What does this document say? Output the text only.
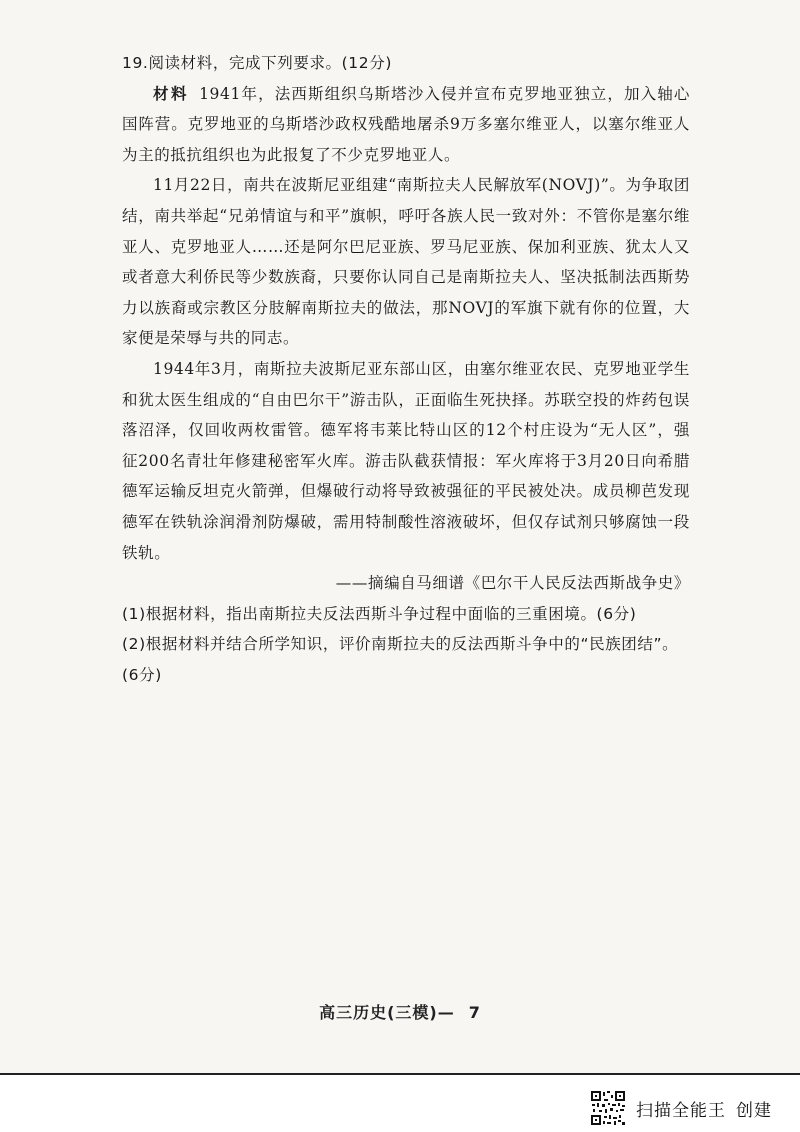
19.阅读材料，完成下列要求。(12分)

材料 1941年，法西斯组织乌斯塔沙入侵并宣布克罗地亚独立，加入轴心国阵营。克罗地亚的乌斯塔沙政权残酷地屠杀9万多塞尔维亚人，以塞尔维亚人为主的抵抗组织也为此报复了不少克罗地亚人。

11月22日，南共在波斯尼亚组建“南斯拉夫人民解放军(NOVJ)”。为争取团结，南共举起“兄弟情谊与和平”旗帜，呼吁各族人民一致对外：不管你是塞尔维亚人、克罗地亚人……还是阿尔巴尼亚族、罗马尼亚族、保加利亚族、犹太人又或者意大利侨民等少数族裔，只要你认同自己是南斯拉夫人、坚决抵制法西斯势力以族裔或宗教区分肢解南斯拉夫的做法，那NOVJ的军旗下就有你的位置，大家便是荣辱与共的同志。

1944年3月，南斯拉夫波斯尼亚东部山区，由塞尔维亚农民、克罗地亚学生和犹太医生组成的“自由巴尔干”游击队，正面临生死抉择。苏联空投的炸药包误落沼泽，仅回收两枚雷管。德军将韦莱比特山区的12个村庄设为“无人区”，强征200名青壮年修建秘密军火库。游击队截获情报：军火库将于3月20日向希腊德军运输反坦克火箭弹，但爆破行动将导致被强征的平民被处决。成员柳芭发现德军在铁轨涂润滑剂防爆破，需用特制酸性溶液破坏，但仅存试剂只够腐蚀一段铁轨。

——摘编自马细谱《巴尔干人民反法西斯战争史》

(1)根据材料，指出南斯拉夫反法西斯斗争过程中面临的三重困境。(6分)

(2)根据材料并结合所学知识，评价南斯拉夫的反法西斯斗争中的“民族团结”。(6分)

高三历史(三模)— 7
扫描全能王 创建
